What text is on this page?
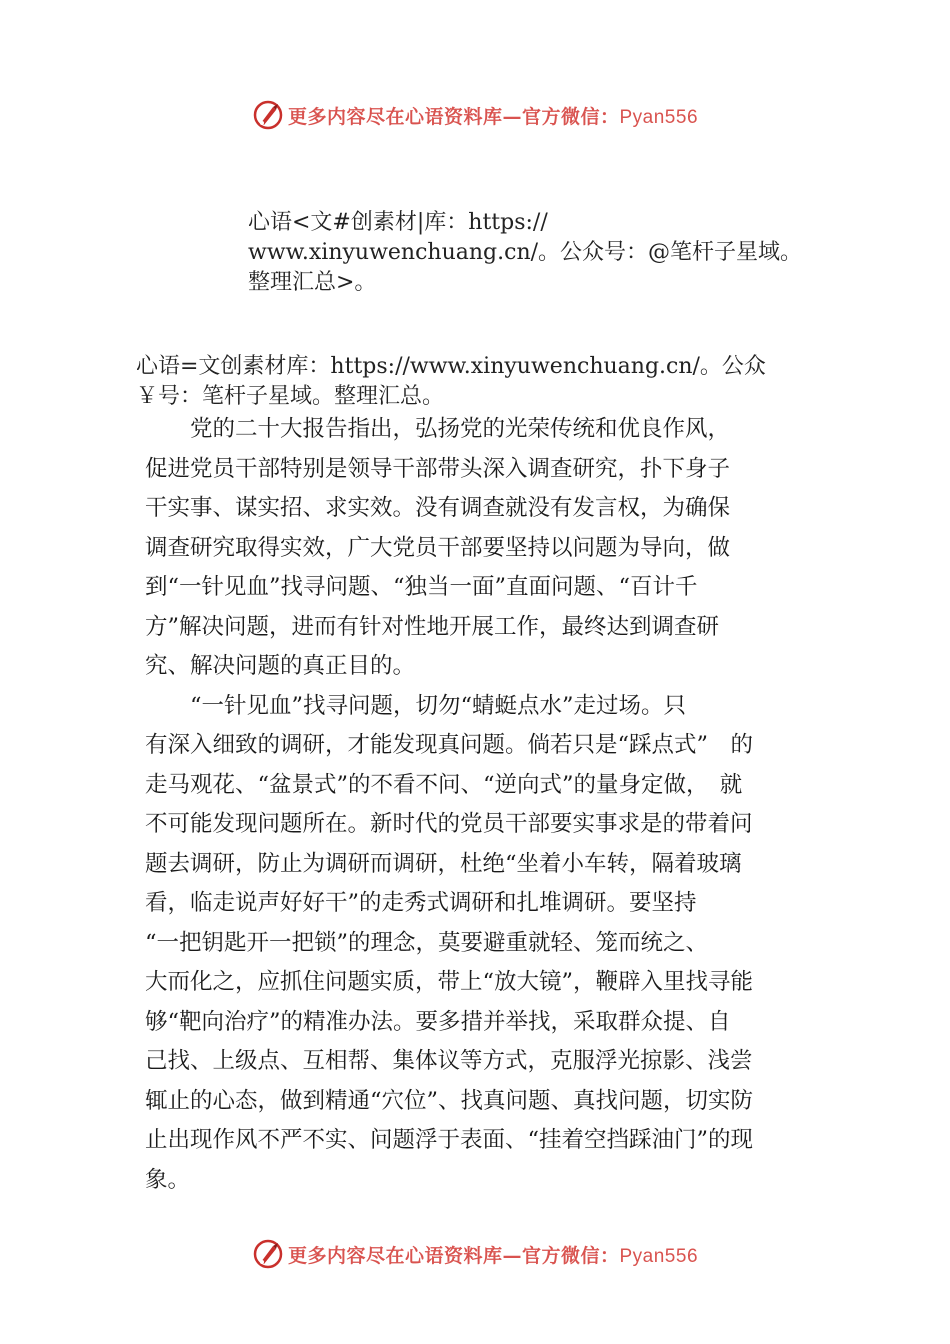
更多内容尽在心语资料库—官方微信：Pyan556
心语<文#创素材|库：https://
www.xinyuwenchuang.cn/。公众号：@笔杆子星域。
整理汇总>。
心语=文创素材库：https://www.xinyuwenchuang.cn/。公众
￥号：笔杆子星域。整理汇总。
　　党的二十大报告指出，弘扬党的光荣传统和优良作风，
促进党员干部特别是领导干部带头深入调查研究，扑下身子
干实事、谋实招、求实效。没有调查就没有发言权，为确保
调查研究取得实效，广大党员干部要坚持以问题为导向，做
到“一针见血”找寻问题、“独当一面”直面问题、“百计千
方”解决问题，进而有针对性地开展工作，最终达到调查研
究、解决问题的真正目的。
　　“一针见血”找寻问题，切勿“蜻蜓点水”走过场。只
有深入细致的调研，才能发现真问题。倘若只是“踩点式”　的
走马观花、“盆景式”的不看不问、“逆向式”的量身定做，　就
不可能发现问题所在。新时代的党员干部要实事求是的带着问
题去调研，防止为调研而调研，杜绝“坐着小车转，隔着玻璃
看，临走说声好好干”的走秀式调研和扎堆调研。要坚持
“一把钥匙开一把锁”的理念，莫要避重就轻、笼而统之、
大而化之，应抓住问题实质，带上“放大镜”，鞭辟入里找寻能
够“靶向治疗”的精准办法。要多措并举找，采取群众提、自
己找、上级点、互相帮、集体议等方式，克服浮光掠影、浅尝
辄止的心态，做到精通“穴位”、找真问题、真找问题，切实防
止出现作风不严不实、问题浮于表面、“挂着空挡踩油门”的现
象。
更多内容尽在心语资料库—官方微信：Pyan556
